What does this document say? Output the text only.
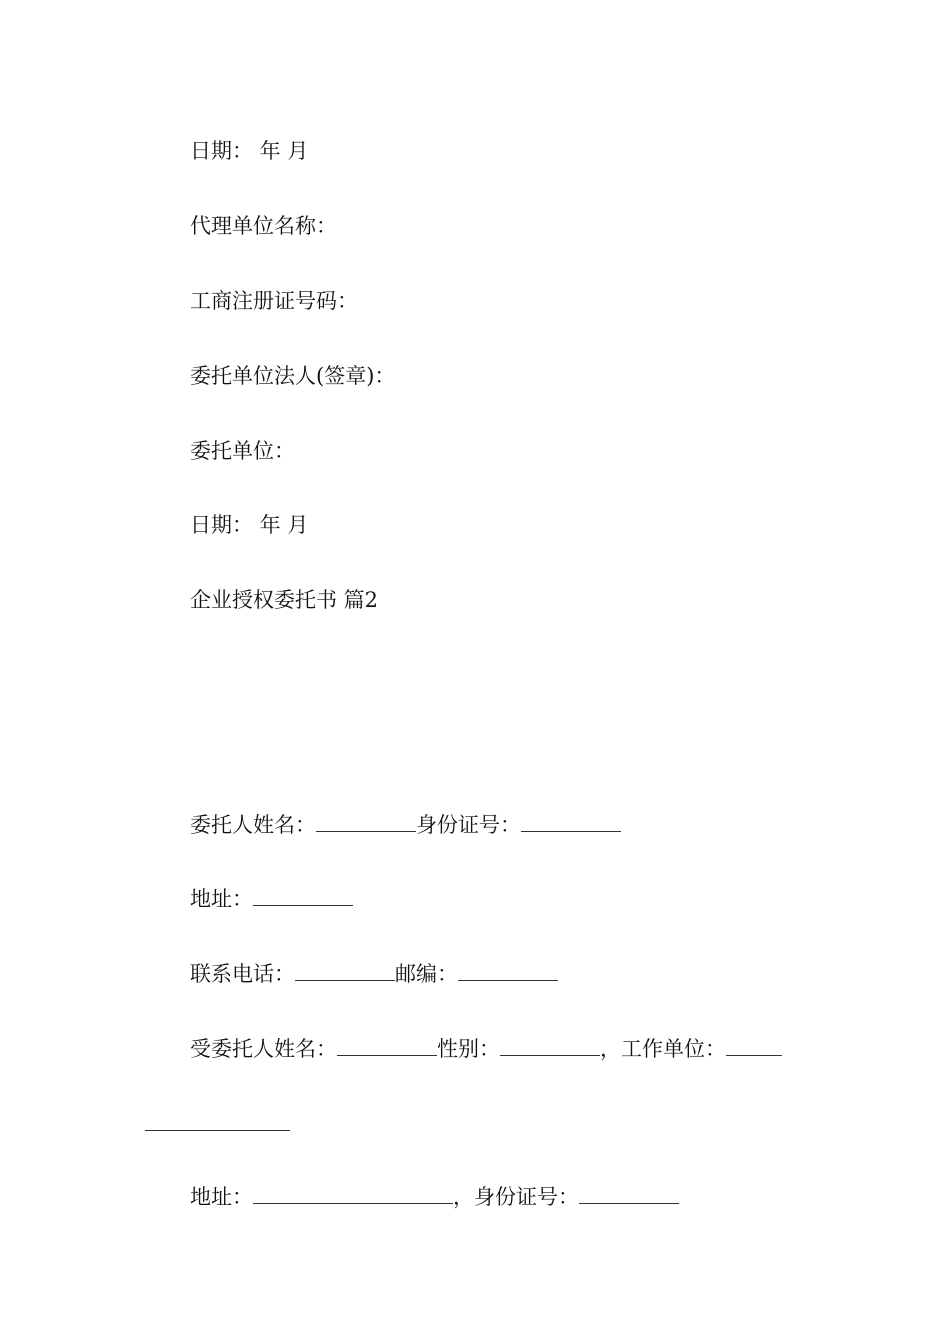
日期： 年 月
代理单位名称：
工商注册证号码：
委托单位法人(签章)：
委托单位：
日期： 年 月
企业授权委托书 篇2
委托人姓名：	身份证号：
地址：
联系电话：	邮编：
受委托人姓名：	性别：	，工作单位：
地址：	，身份证号：
